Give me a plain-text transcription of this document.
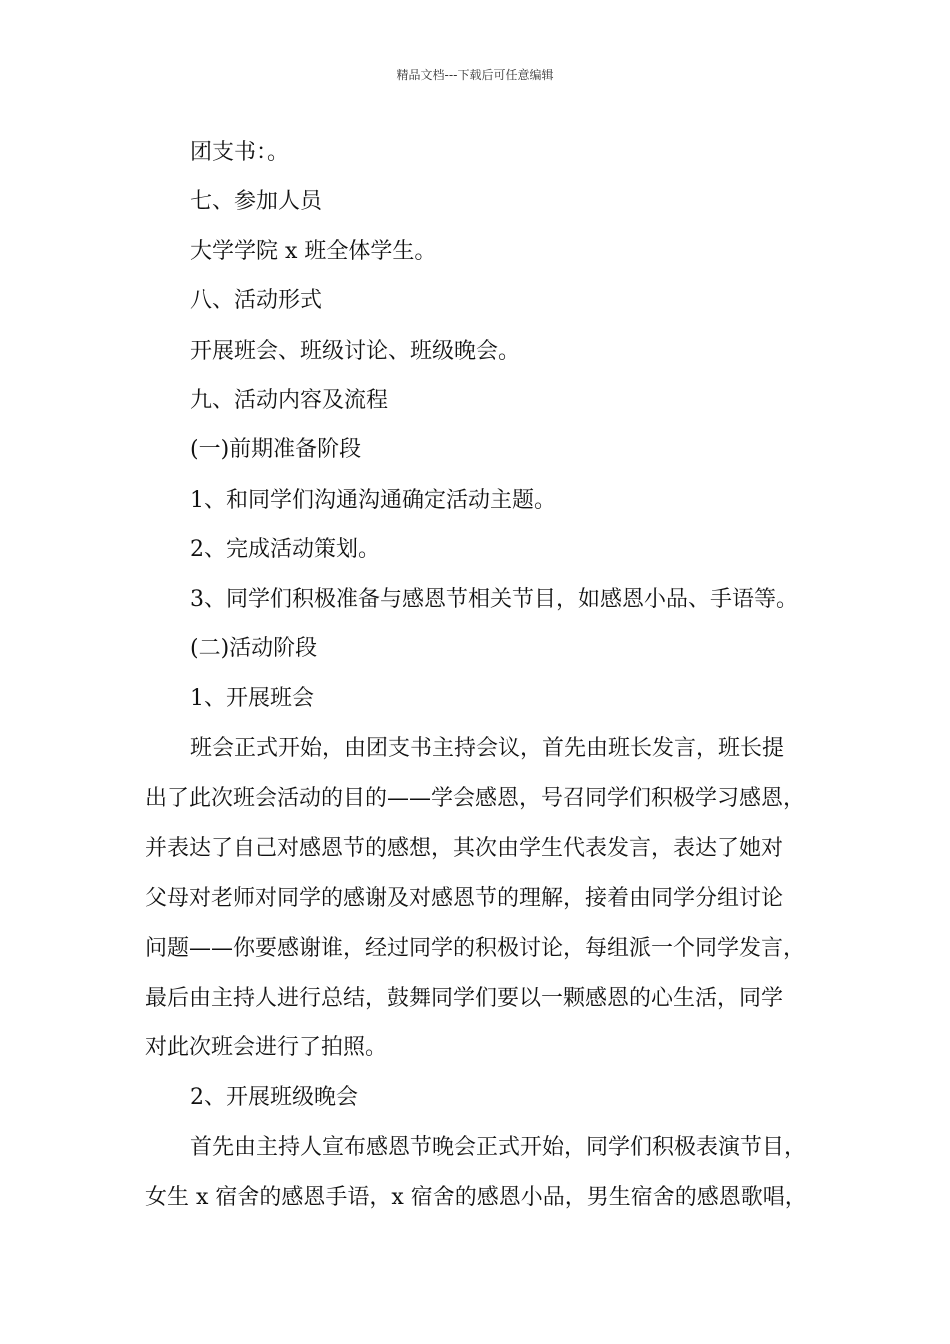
精品文档---下载后可任意编辑
团支书：。
七、参加人员
大学学院 x 班全体学生。
八、活动形式
开展班会、班级讨论、班级晚会。
九、活动内容及流程
(一)前期准备阶段
1、和同学们沟通沟通确定活动主题。
2、完成活动策划。
3、同学们积极准备与感恩节相关节目，如感恩小品、手语等。
(二)活动阶段
1、开展班会
班会正式开始，由团支书主持会议，首先由班长发言，班长提
出了此次班会活动的目的——学会感恩，号召同学们积极学习感恩，
并表达了自己对感恩节的感想，其次由学生代表发言，表达了她对
父母对老师对同学的感谢及对感恩节的理解，接着由同学分组讨论
问题——你要感谢谁，经过同学的积极讨论，每组派一个同学发言，
最后由主持人进行总结，鼓舞同学们要以一颗感恩的心生活，同学
对此次班会进行了拍照。
2、开展班级晚会
首先由主持人宣布感恩节晚会正式开始，同学们积极表演节目，
女生 x 宿舍的感恩手语，x 宿舍的感恩小品，男生宿舍的感恩歌唱，
